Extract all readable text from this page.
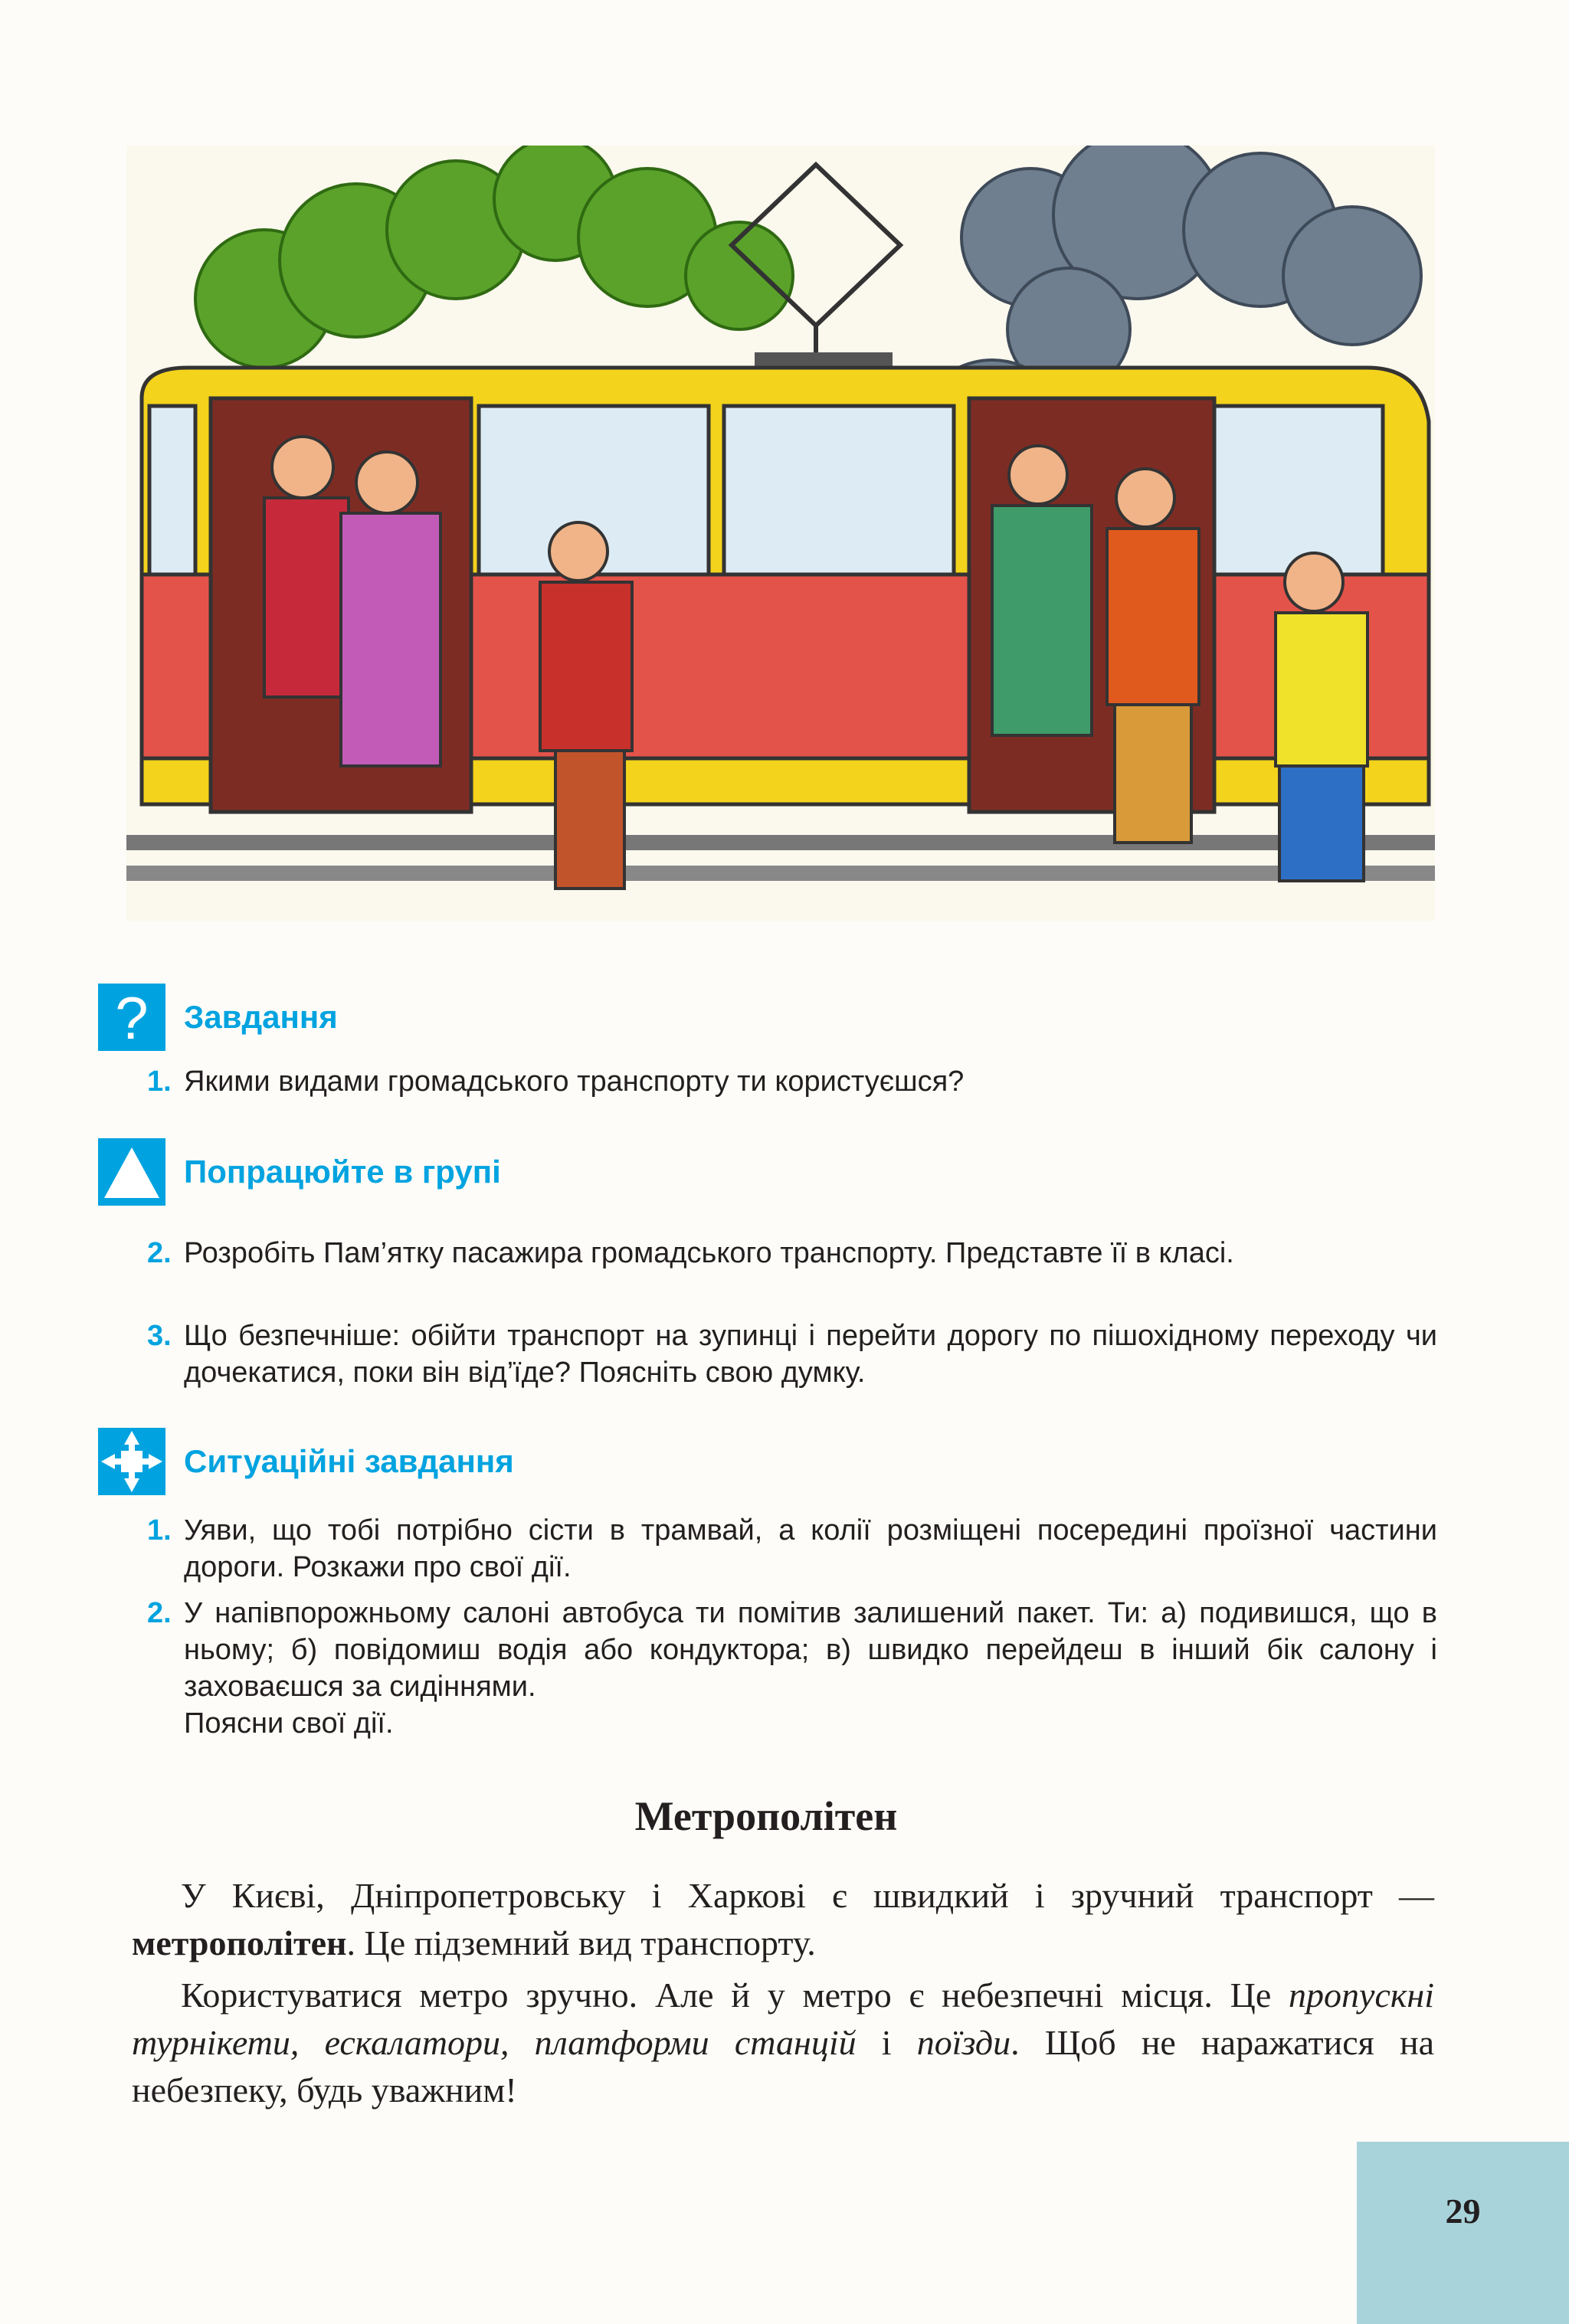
? Завдання
1. Якими видами громадського транспорту ти користуєшся?
Попрацюйте в групі
2. Розробіть Пам’ятку пасажира громадського транспорту. Представте її в класі.
3. Що безпечніше: обійти транспорт на зупинці і перейти дорогу по пішохідному переходу чи дочекатися, поки він від’їде? Поясніть свою думку.
Ситуаційні завдання
1. Уяви, що тобі потрібно сісти в трамвай, а колії розміщені посередині проїзної частини дороги. Розкажи про свої дії.
2. У напівпорожньому салоні автобуса ти помітив залишений пакет. Ти: а) подивишся, що в ньому; б) повідомиш водія або кондуктора; в) швидко перейдеш в інший бік салону і заховаєшся за сидіннями.
Поясни свої дії.
Метрополітен
У Києві, Дніпропетровську і Харкові є швидкий і зручний транспорт — метрополітен. Це підземний вид транспорту.
Користуватися метро зручно. Але й у метро є небезпечні місця. Це пропускні турнікети, ескалатори, платформи станцій і поїзди. Щоб не наражатися на небезпеку, будь уважним!
29
